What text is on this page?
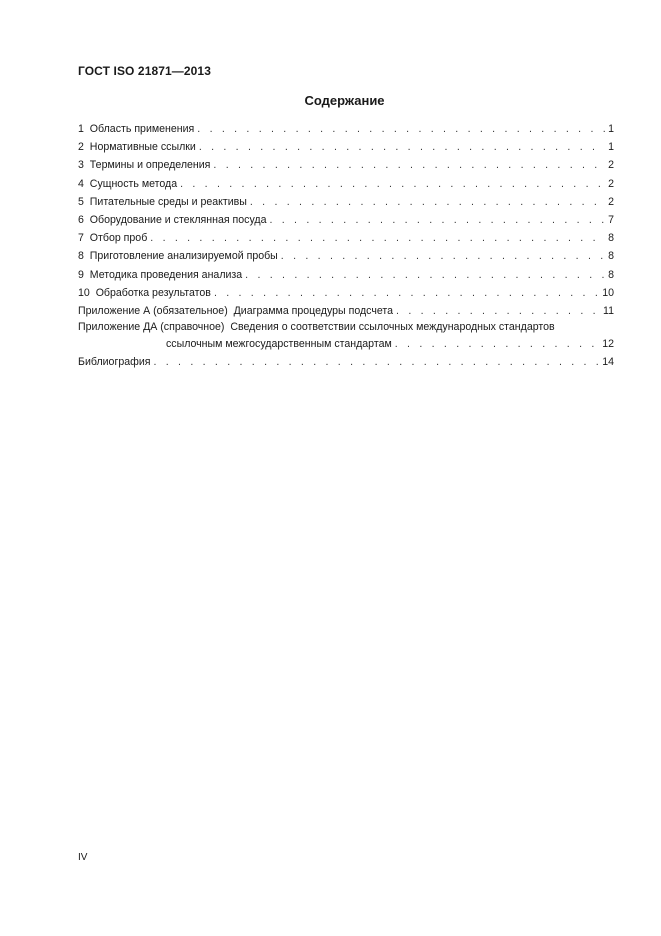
ГОСТ ISO 21871—2013
Содержание
1 Область применения . . .	1
2 Нормативные ссылки . . .	1
3 Термины и определения . . .	2
4 Сущность метода . . .	2
5 Питательные среды и реактивы . . .	2
6 Оборудование и стеклянная посуда . . .	7
7 Отбор проб . . .	8
8 Приготовление анализируемой пробы . . .	8
9 Методика проведения анализа . . .	8
10 Обработка результатов . . .	10
Приложение А (обязательное) Диаграмма процедуры подсчета . . .	11
Приложение ДА (справочное) Сведения о соответствии ссылочных международных стандартов
ссылочным межгосударственным стандартам . . .	12
Библиография . . .	14
IV
